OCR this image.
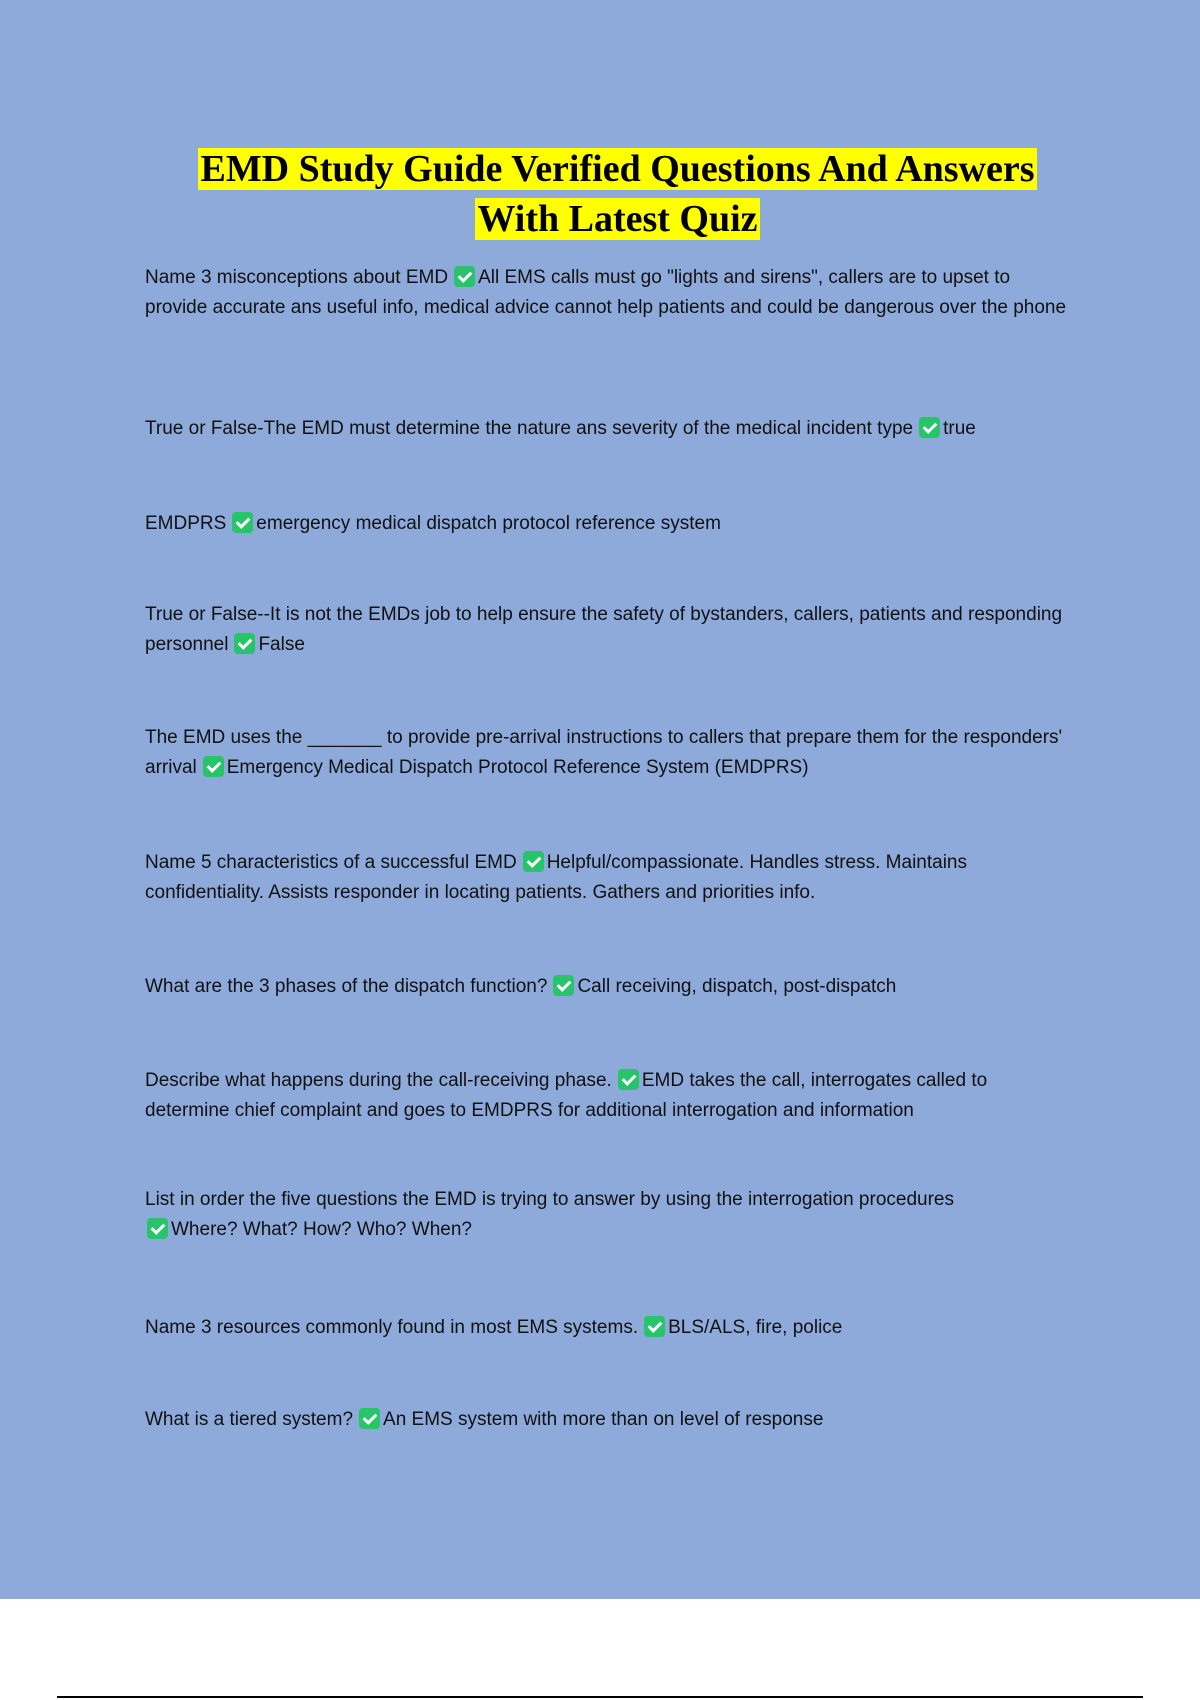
EMD Study Guide Verified Questions And Answers
With Latest Quiz
Name 3 misconceptions about EMD All EMS calls must go "lights and sirens", callers are to upset to provide accurate ans useful info, medical advice cannot help patients and could be dangerous over the phone
True or False-The EMD must determine the nature ans severity of the medical incident type true
EMDPRS emergency medical dispatch protocol reference system
True or False--It is not the EMDs job to help ensure the safety of bystanders, callers, patients and responding personnel False
The EMD uses the _______ to provide pre-arrival instructions to callers that prepare them for the responders' arrival Emergency Medical Dispatch Protocol Reference System (EMDPRS)
Name 5 characteristics of a successful EMD Helpful/compassionate. Handles stress. Maintains confidentiality. Assists responder in locating patients. Gathers and priorities info.
What are the 3 phases of the dispatch function? Call receiving, dispatch, post-dispatch
Describe what happens during the call-receiving phase. EMD takes the call, interrogates called to determine chief complaint and goes to EMDPRS for additional interrogation and information
List in order the five questions the EMD is trying to answer by using the interrogation procedures
Where? What? How? Who? When?
Name 3 resources commonly found in most EMS systems. BLS/ALS, fire, police
What is a tiered system? An EMS system with more than on level of response
